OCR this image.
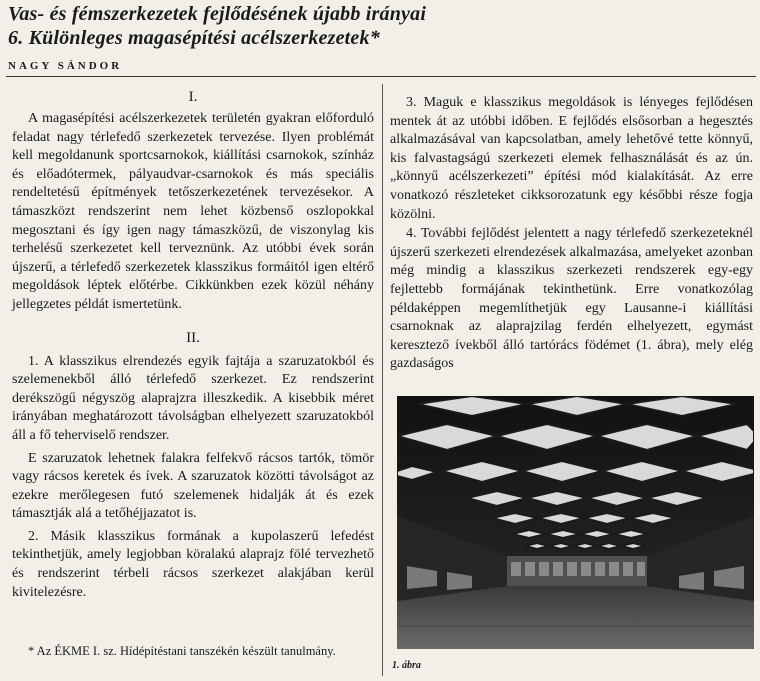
Vas- és fémszerkezetek fejlődésének újabb irányai
6. Különleges magasépítési acélszerkezetek*
NAGY SÁNDOR
I.

A magasépítési acélszerkezetek területén gyakran előforduló feladat nagy térlefedő szerkezetek tervezése. Ilyen problémát kell megoldanunk sportcsarnokok, kiállítási csarnokok, színház és előadótermek, pályaudvar-csarnokok és más speciális rendeltetésű építmények tetőszerkezetének tervezésekor. A támaszközt rendszerint nem lehet közbenső oszlopokkal megosztani és így igen nagy támaszközű, de viszonylag kis terhelésű szerkezetet kell terveznünk. Az utóbbi évek során újszerű, a térlefedő szerkezetek klasszikus formáitól igen eltérő megoldások léptek előtérbe. Cikkünkben ezek közül néhány jellegzetes példát ismertetünk.

II.

1. A klasszikus elrendezés egyik fajtája a szaruzatokból és szelemenekből álló térlefedő szerkezet. Ez rendszerint derékszögű négyszög alaprajzra illeszkedik. A kisebbik méret irányában meghatározott távolságban elhelyezett szaruzatokból áll a fő teherviselő rendszer.

E szaruzatok lehetnek falakra felfekvő rácsos tartók, tömör vagy rácsos keretek és ívek. A szaruzatok közötti távolságot az ezekre merőlegesen futó szelemenek hidalják át és ezek támasztják alá a tetőhéjjazatot is.

2. Másik klasszikus formának a kupolaszerű lefedést tekinthetjük, amely legjobban köralakú alaprajz fölé tervezhető és rendszerint térbeli rácsos szerkezet alakjában kerül kivitelezésre.

* Az ÉKME I. sz. Hídépítéstani tanszékén készült tanulmány.

3. Maguk e klasszikus megoldások is lényeges fejlődésen mentek át az utóbbi időben. E fejlődés elsősorban a hegesztés alkalmazásával van kapcsolatban, amely lehetővé tette könnyű, kis falvastagságú szerkezeti elemek felhasználását és az ún. „könnyű acélszerkezeti” építési mód kialakítását. Az erre vonatkozó részleteket cikksorozatunk egy későbbi része fogja közölni.

4. További fejlődést jelentett a nagy térlefedő szerkezeteknél újszerű szerkezeti elrendezések alkalmazása, amelyeket azonban még mindig a klasszikus szerkezeti rendszerek egy-egy fejlettebb formájának tekinthetünk. Erre vonatkozólag példaképpen megemlíthetjük egy Lausanne-i kiállítási csarnoknak az alaprajzilag ferdén elhelyezett, egymást keresztező ívekből álló tartórács födémet (1. ábra), mely elég gazdaságos

1. ábra
